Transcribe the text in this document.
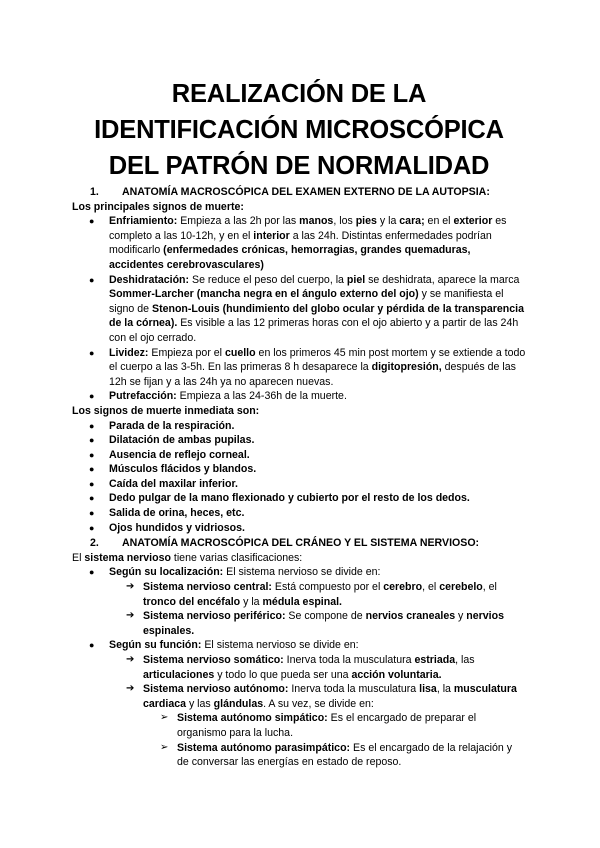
REALIZACIÓN DE LA
IDENTIFICACIÓN MICROSCÓPICA
DEL PATRÓN DE NORMALIDAD
1. ANATOMÍA MACROSCÓPICA DEL EXAMEN EXTERNO DE LA AUTOPSIA:

Los principales signos de muerte:

● Enfriamiento: Empieza a las 2h por las manos, los pies y la cara; en el exterior es completo a las 10-12h, y en el interior a las 24h. Distintas enfermedades podrían modificarlo (enfermedades crónicas, hemorragias, grandes quemaduras, accidentes cerebrovasculares)
● Deshidratación: Se reduce el peso del cuerpo, la piel se deshidrata, aparece la marca Sommer-Larcher (mancha negra en el ángulo externo del ojo) y se manifiesta el signo de Stenon-Louis (hundimiento del globo ocular y pérdida de la transparencia de la córnea). Es visible a las 12 primeras horas con el ojo abierto y a partir de las 24h con el ojo cerrado.
● Lividez: Empieza por el cuello en los primeros 45 min post mortem y se extiende a todo el cuerpo a las 3-5h. En las primeras 8 h desaparece la digitopresión, después de las 12h se fijan y a las 24h ya no aparecen nuevas.
● Putrefacción: Empieza a las 24-36h de la muerte.

Los signos de muerte inmediata son:

● Parada de la respiración.
● Dilatación de ambas pupilas.
● Ausencia de reflejo corneal.
● Músculos flácidos y blandos.
● Caída del maxilar inferior.
● Dedo pulgar de la mano flexionado y cubierto por el resto de los dedos.
● Salida de orina, heces, etc.
● Ojos hundidos y vidriosos.
2. ANATOMÍA MACROSCÓPICA DEL CRÁNEO Y EL SISTEMA NERVIOSO:

El sistema nervioso tiene varias clasificaciones:

● Según su localización: El sistema nervioso se divide en:
➔ Sistema nervioso central: Está compuesto por el cerebro, el cerebelo, el tronco del encéfalo y la médula espinal.
➔ Sistema nervioso periférico: Se compone de nervios craneales y nervios espinales.
● Según su función: El sistema nervioso se divide en:
➔ Sistema nervioso somático: Inerva toda la musculatura estriada, las articulaciones y todo lo que pueda ser una acción voluntaria.
➔ Sistema nervioso autónomo: Inerva toda la musculatura lisa, la musculatura cardiaca y las glándulas. A su vez, se divide en:
➢ Sistema autónomo simpático: Es el encargado de preparar el organismo para la lucha.
➢ Sistema autónomo parasimpático: Es el encargado de la relajación y de conversar las energías en estado de reposo.
